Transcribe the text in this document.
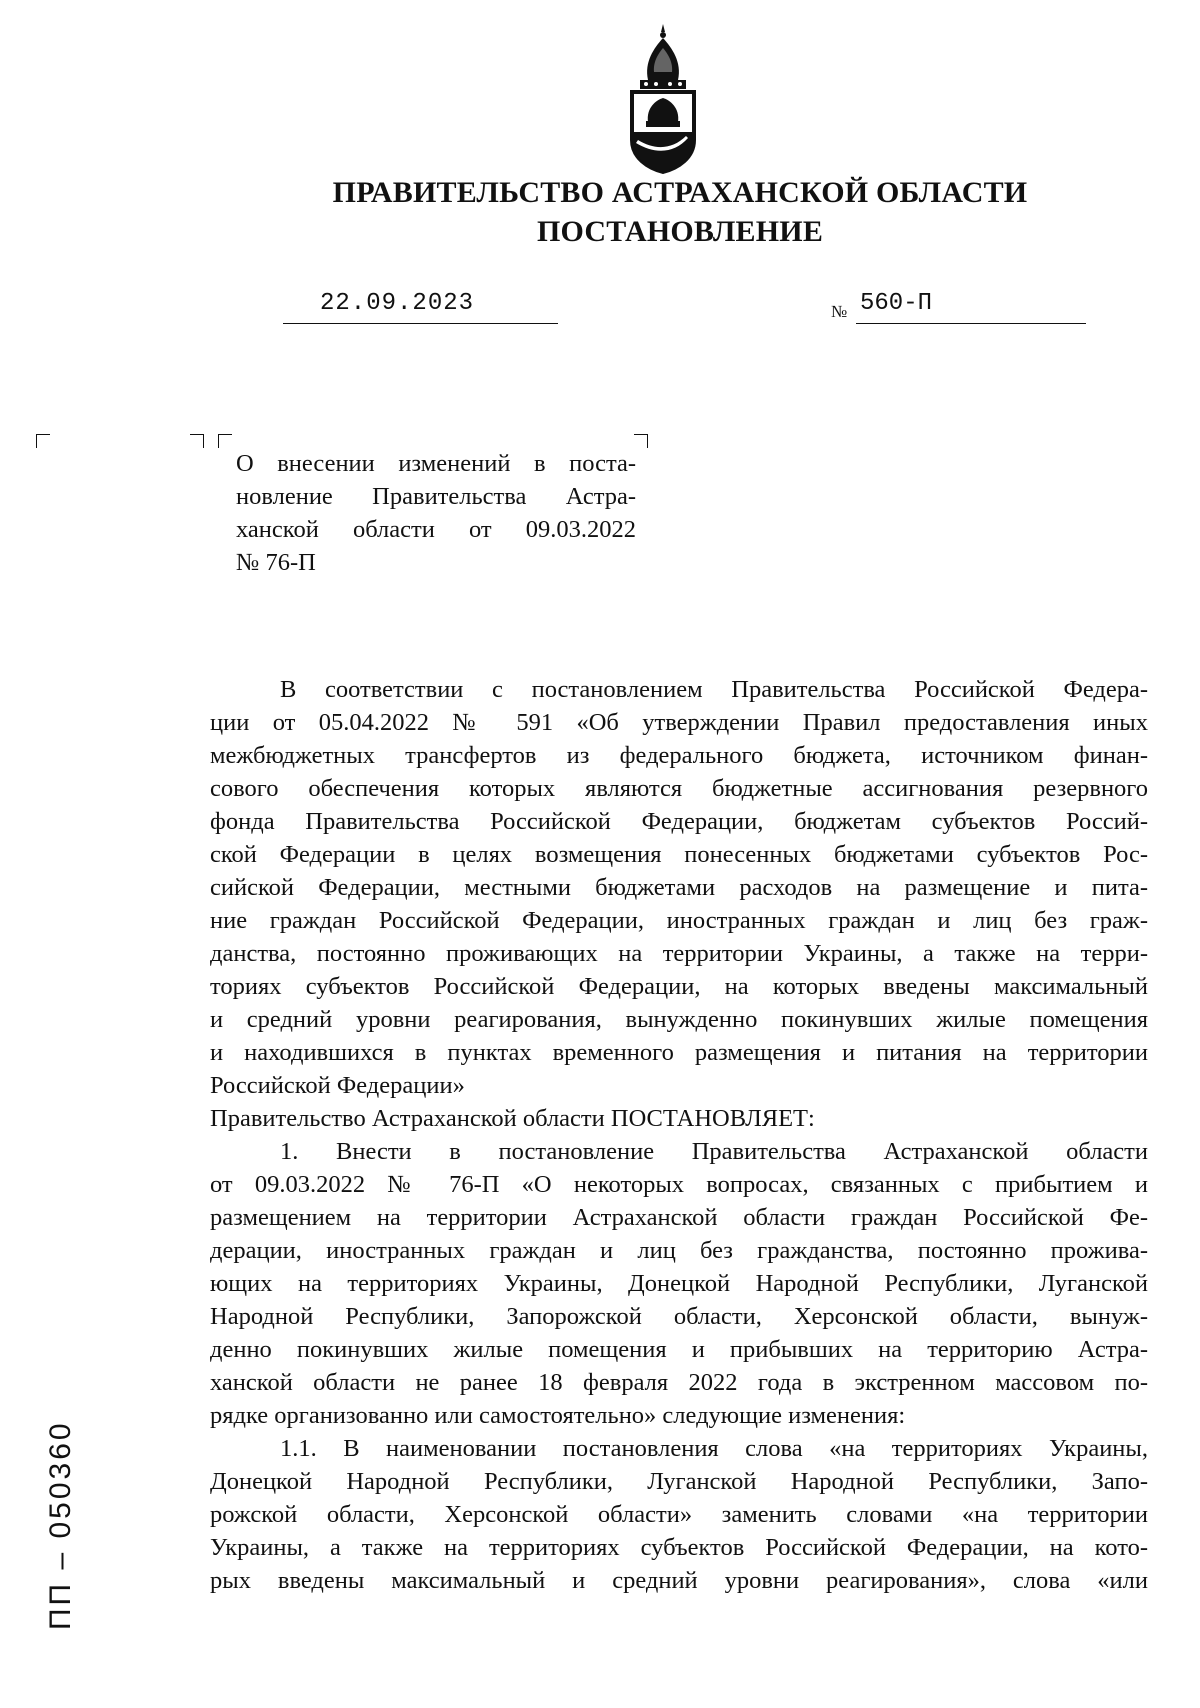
ПРАВИТЕЛЬСТВО АСТРАХАНСКОЙ ОБЛАСТИ
ПОСТАНОВЛЕНИЕ
22.09.2023	№ 560-П
О внесении изменений в поста-
новление Правительства Астра-
ханской области от 09.03.2022
№ 76-П
В соответствии с постановлением Правительства Российской Федера-
ции от 05.04.2022 № 591 «Об утверждении Правил предоставления иных
межбюджетных трансфертов из федерального бюджета, источником финан-
сового обеспечения которых являются бюджетные ассигнования резервного
фонда Правительства Российской Федерации, бюджетам субъектов Россий-
ской Федерации в целях возмещения понесенных бюджетами субъектов Рос-
сийской Федерации, местными бюджетами расходов на размещение и пита-
ние граждан Российской Федерации, иностранных граждан и лиц без граж-
данства, постоянно проживающих на территории Украины, а также на терри-
ториях субъектов Российской Федерации, на которых введены максимальный
и средний уровни реагирования, вынужденно покинувших жилые помещения
и находившихся в пунктах временного размещения и питания на территории
Российской Федерации»
Правительство Астраханской области ПОСТАНОВЛЯЕТ:
1. Внести в постановление Правительства Астраханской области
от 09.03.2022 № 76-П «О некоторых вопросах, связанных с прибытием и
размещением на территории Астраханской области граждан Российской Фе-
дерации, иностранных граждан и лиц без гражданства, постоянно прожива-
ющих на территориях Украины, Донецкой Народной Республики, Луганской
Народной Республики, Запорожской области, Херсонской области, вынуж-
денно покинувших жилые помещения и прибывших на территорию Астра-
ханской области не ранее 18 февраля 2022 года в экстренном массовом по-
рядке организованно или самостоятельно» следующие изменения:
1.1. В наименовании постановления слова «на территориях Украины,
Донецкой Народной Республики, Луганской Народной Республики, Запо-
рожской области, Херсонской области» заменить словами «на территории
Украины, а также на территориях субъектов Российской Федерации, на кото-
рых введены максимальный и средний уровни реагирования», слова «или
ПП – 050360
